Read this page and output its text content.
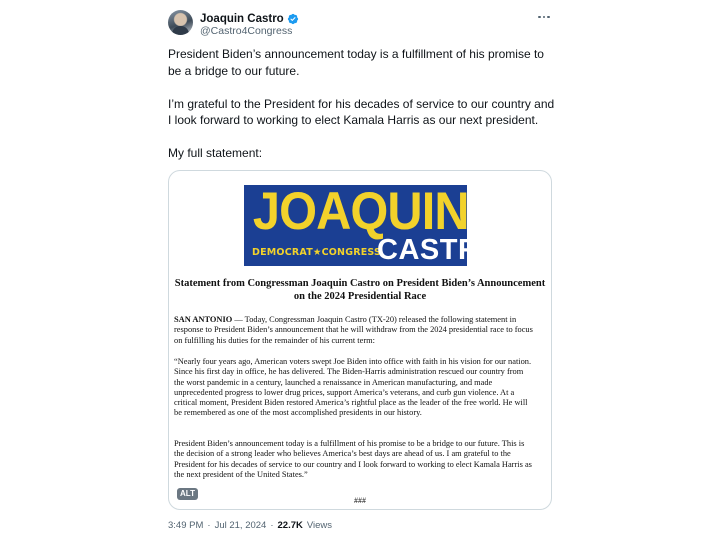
Joaquin Castro
@Castro4Congress

President Biden’s announcement today is a fulfillment of his promise to be a bridge to our future.

I’m grateful to the President for his decades of service to our country and I look forward to working to elect Kamala Harris as our next president.

My full statement:

JOAQUIN
DEMOCRAT★CONGRESS
CASTRO
Statement from Congressman Joaquin Castro on President Biden’s Announcement on the 2024 Presidential Race
SAN ANTONIO — Today, Congressman Joaquin Castro (TX-20) released the following statement in response to President Biden’s announcement that he will withdraw from the 2024 presidential race to focus on fulfilling his duties for the remainder of his current term:
“Nearly four years ago, American voters swept Joe Biden into office with faith in his vision for our nation. Since his first day in office, he has delivered. The Biden-Harris administration rescued our country from the worst pandemic in a century, launched a renaissance in American manufacturing, and made unprecedented progress to lower drug prices, support America’s veterans, and curb gun violence. At a critical moment, President Biden restored America’s rightful place as the leader of the free world. He will be remembered as one of the most accomplished presidents in our history.
President Biden’s announcement today is a fulfillment of his promise to be a bridge to our future. This is the decision of a strong leader who believes America’s best days are ahead of us. I am grateful to the President for his decades of service to our country and I look forward to working to elect Kamala Harris as the next president of the United States.”
ALT
###
3:49 PM · Jul 21, 2024 · 22.7K Views
